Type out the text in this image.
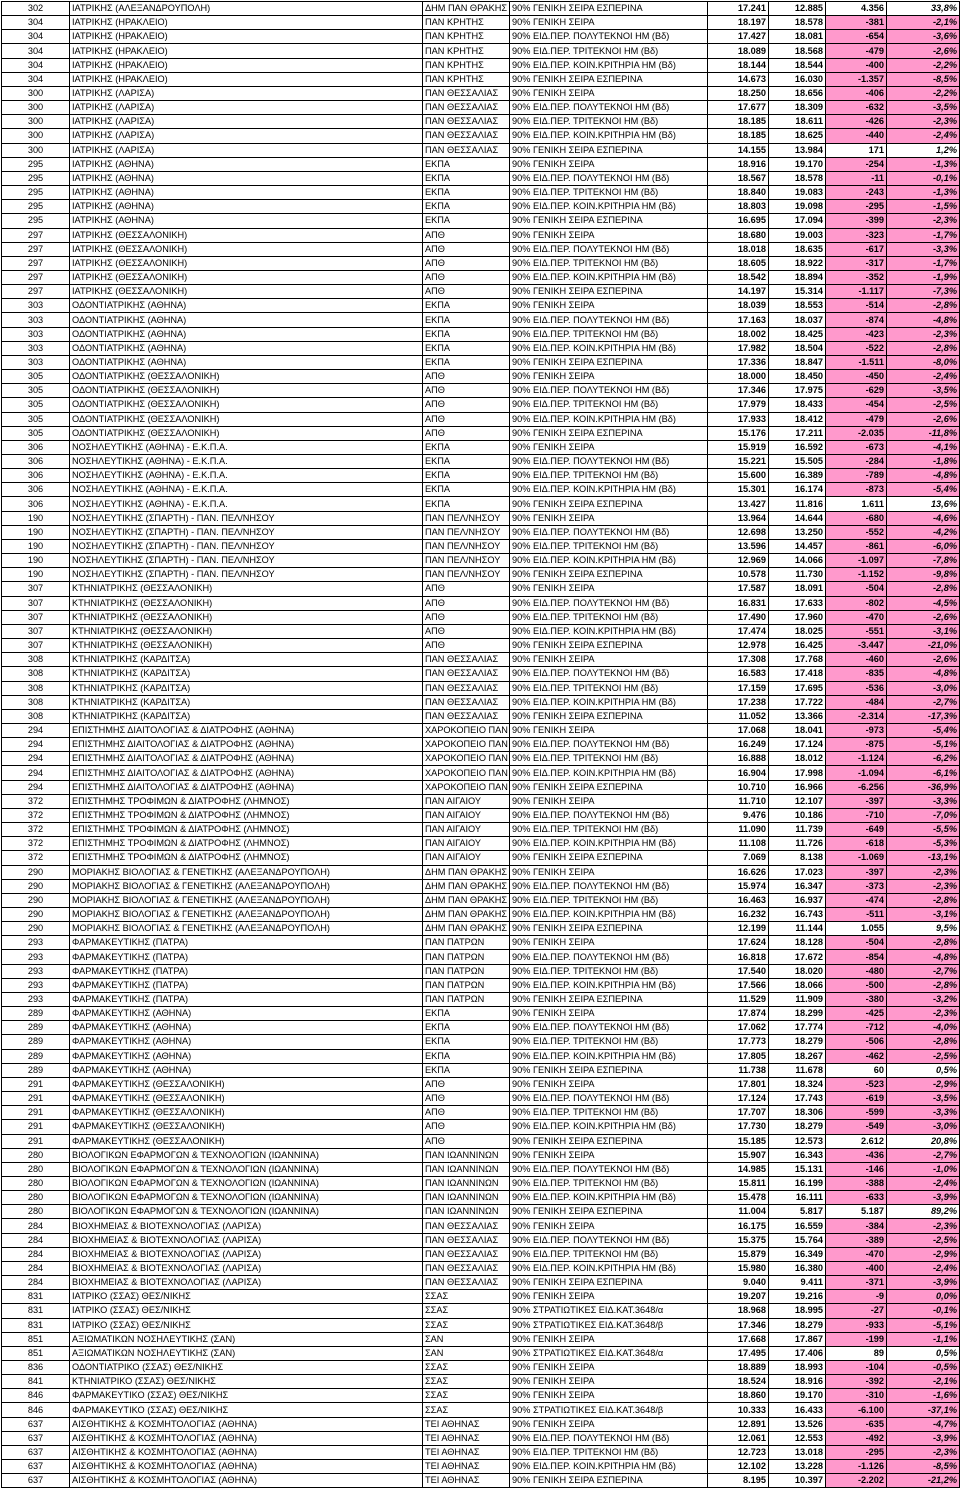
302	ΙΑΤΡΙΚΗΣ (ΑΛΕΞΑΝΔΡΟΥΠΟΛΗ)	ΔΗΜ ΠΑΝ ΘΡΑΚΗΣ	90% ΓΕΝΙΚΗ ΣΕΙΡΑ ΕΣΠΕΡΙΝΑ	17.241	12.885	4.356	33,8%
304	ΙΑΤΡΙΚΗΣ (ΗΡΑΚΛΕΙΟ)	ΠΑΝ ΚΡΗΤΗΣ	90% ΓΕΝΙΚΗ ΣΕΙΡΑ	18.197	18.578	-381	-2,1%
304	ΙΑΤΡΙΚΗΣ (ΗΡΑΚΛΕΙΟ)	ΠΑΝ ΚΡΗΤΗΣ	90% ΕΙΔ.ΠΕΡ. ΠΟΛΥΤΕΚΝΟΙ ΗΜ (Βδ)	17.427	18.081	-654	-3,6%
304	ΙΑΤΡΙΚΗΣ (ΗΡΑΚΛΕΙΟ)	ΠΑΝ ΚΡΗΤΗΣ	90% ΕΙΔ.ΠΕΡ. ΤΡΙΤΕΚΝΟΙ ΗΜ (Βδ)	18.089	18.568	-479	-2,6%
304	ΙΑΤΡΙΚΗΣ (ΗΡΑΚΛΕΙΟ)	ΠΑΝ ΚΡΗΤΗΣ	90% ΕΙΔ.ΠΕΡ. ΚΟΙΝ.ΚΡΙΤΗΡΙΑ ΗΜ (Βδ)	18.144	18.544	-400	-2,2%
304	ΙΑΤΡΙΚΗΣ (ΗΡΑΚΛΕΙΟ)	ΠΑΝ ΚΡΗΤΗΣ	90% ΓΕΝΙΚΗ ΣΕΙΡΑ ΕΣΠΕΡΙΝΑ	14.673	16.030	-1.357	-8,5%
300	ΙΑΤΡΙΚΗΣ (ΛΑΡΙΣΑ)	ΠΑΝ ΘΕΣΣΑΛΙΑΣ	90% ΓΕΝΙΚΗ ΣΕΙΡΑ	18.250	18.656	-406	-2,2%
300	ΙΑΤΡΙΚΗΣ (ΛΑΡΙΣΑ)	ΠΑΝ ΘΕΣΣΑΛΙΑΣ	90% ΕΙΔ.ΠΕΡ. ΠΟΛΥΤΕΚΝΟΙ ΗΜ (Βδ)	17.677	18.309	-632	-3,5%
300	ΙΑΤΡΙΚΗΣ (ΛΑΡΙΣΑ)	ΠΑΝ ΘΕΣΣΑΛΙΑΣ	90% ΕΙΔ.ΠΕΡ. ΤΡΙΤΕΚΝΟΙ ΗΜ (Βδ)	18.185	18.611	-426	-2,3%
300	ΙΑΤΡΙΚΗΣ (ΛΑΡΙΣΑ)	ΠΑΝ ΘΕΣΣΑΛΙΑΣ	90% ΕΙΔ.ΠΕΡ. ΚΟΙΝ.ΚΡΙΤΗΡΙΑ ΗΜ (Βδ)	18.185	18.625	-440	-2,4%
300	ΙΑΤΡΙΚΗΣ (ΛΑΡΙΣΑ)	ΠΑΝ ΘΕΣΣΑΛΙΑΣ	90% ΓΕΝΙΚΗ ΣΕΙΡΑ ΕΣΠΕΡΙΝΑ	14.155	13.984	171	1,2%
295	ΙΑΤΡΙΚΗΣ (ΑΘΗΝΑ)	ΕΚΠΑ	90% ΓΕΝΙΚΗ ΣΕΙΡΑ	18.916	19.170	-254	-1,3%
295	ΙΑΤΡΙΚΗΣ (ΑΘΗΝΑ)	ΕΚΠΑ	90% ΕΙΔ.ΠΕΡ. ΠΟΛΥΤΕΚΝΟΙ ΗΜ (Βδ)	18.567	18.578	-11	-0,1%
295	ΙΑΤΡΙΚΗΣ (ΑΘΗΝΑ)	ΕΚΠΑ	90% ΕΙΔ.ΠΕΡ. ΤΡΙΤΕΚΝΟΙ ΗΜ (Βδ)	18.840	19.083	-243	-1,3%
295	ΙΑΤΡΙΚΗΣ (ΑΘΗΝΑ)	ΕΚΠΑ	90% ΕΙΔ.ΠΕΡ. ΚΟΙΝ.ΚΡΙΤΗΡΙΑ ΗΜ (Βδ)	18.803	19.098	-295	-1,5%
295	ΙΑΤΡΙΚΗΣ (ΑΘΗΝΑ)	ΕΚΠΑ	90% ΓΕΝΙΚΗ ΣΕΙΡΑ ΕΣΠΕΡΙΝΑ	16.695	17.094	-399	-2,3%
297	ΙΑΤΡΙΚΗΣ (ΘΕΣΣΑΛΟΝΙΚΗ)	ΑΠΘ	90% ΓΕΝΙΚΗ ΣΕΙΡΑ	18.680	19.003	-323	-1,7%
297	ΙΑΤΡΙΚΗΣ (ΘΕΣΣΑΛΟΝΙΚΗ)	ΑΠΘ	90% ΕΙΔ.ΠΕΡ. ΠΟΛΥΤΕΚΝΟΙ ΗΜ (Βδ)	18.018	18.635	-617	-3,3%
297	ΙΑΤΡΙΚΗΣ (ΘΕΣΣΑΛΟΝΙΚΗ)	ΑΠΘ	90% ΕΙΔ.ΠΕΡ. ΤΡΙΤΕΚΝΟΙ ΗΜ (Βδ)	18.605	18.922	-317	-1,7%
297	ΙΑΤΡΙΚΗΣ (ΘΕΣΣΑΛΟΝΙΚΗ)	ΑΠΘ	90% ΕΙΔ.ΠΕΡ. ΚΟΙΝ.ΚΡΙΤΗΡΙΑ ΗΜ (Βδ)	18.542	18.894	-352	-1,9%
297	ΙΑΤΡΙΚΗΣ (ΘΕΣΣΑΛΟΝΙΚΗ)	ΑΠΘ	90% ΓΕΝΙΚΗ ΣΕΙΡΑ ΕΣΠΕΡΙΝΑ	14.197	15.314	-1.117	-7,3%
303	ΟΔΟΝΤΙΑΤΡΙΚΗΣ (ΑΘΗΝΑ)	ΕΚΠΑ	90% ΓΕΝΙΚΗ ΣΕΙΡΑ	18.039	18.553	-514	-2,8%
303	ΟΔΟΝΤΙΑΤΡΙΚΗΣ (ΑΘΗΝΑ)	ΕΚΠΑ	90% ΕΙΔ.ΠΕΡ. ΠΟΛΥΤΕΚΝΟΙ ΗΜ (Βδ)	17.163	18.037	-874	-4,8%
303	ΟΔΟΝΤΙΑΤΡΙΚΗΣ (ΑΘΗΝΑ)	ΕΚΠΑ	90% ΕΙΔ.ΠΕΡ. ΤΡΙΤΕΚΝΟΙ ΗΜ (Βδ)	18.002	18.425	-423	-2,3%
303	ΟΔΟΝΤΙΑΤΡΙΚΗΣ (ΑΘΗΝΑ)	ΕΚΠΑ	90% ΕΙΔ.ΠΕΡ. ΚΟΙΝ.ΚΡΙΤΗΡΙΑ ΗΜ (Βδ)	17.982	18.504	-522	-2,8%
303	ΟΔΟΝΤΙΑΤΡΙΚΗΣ (ΑΘΗΝΑ)	ΕΚΠΑ	90% ΓΕΝΙΚΗ ΣΕΙΡΑ ΕΣΠΕΡΙΝΑ	17.336	18.847	-1.511	-8,0%
305	ΟΔΟΝΤΙΑΤΡΙΚΗΣ (ΘΕΣΣΑΛΟΝΙΚΗ)	ΑΠΘ	90% ΓΕΝΙΚΗ ΣΕΙΡΑ	18.000	18.450	-450	-2,4%
305	ΟΔΟΝΤΙΑΤΡΙΚΗΣ (ΘΕΣΣΑΛΟΝΙΚΗ)	ΑΠΘ	90% ΕΙΔ.ΠΕΡ. ΠΟΛΥΤΕΚΝΟΙ ΗΜ (Βδ)	17.346	17.975	-629	-3,5%
305	ΟΔΟΝΤΙΑΤΡΙΚΗΣ (ΘΕΣΣΑΛΟΝΙΚΗ)	ΑΠΘ	90% ΕΙΔ.ΠΕΡ. ΤΡΙΤΕΚΝΟΙ ΗΜ (Βδ)	17.979	18.433	-454	-2,5%
305	ΟΔΟΝΤΙΑΤΡΙΚΗΣ (ΘΕΣΣΑΛΟΝΙΚΗ)	ΑΠΘ	90% ΕΙΔ.ΠΕΡ. ΚΟΙΝ.ΚΡΙΤΗΡΙΑ ΗΜ (Βδ)	17.933	18.412	-479	-2,6%
305	ΟΔΟΝΤΙΑΤΡΙΚΗΣ (ΘΕΣΣΑΛΟΝΙΚΗ)	ΑΠΘ	90% ΓΕΝΙΚΗ ΣΕΙΡΑ ΕΣΠΕΡΙΝΑ	15.176	17.211	-2.035	-11,8%
306	ΝΟΣΗΛΕΥΤΙΚΗΣ (ΑΘΗΝΑ) - Ε.Κ.Π.Α.	ΕΚΠΑ	90% ΓΕΝΙΚΗ ΣΕΙΡΑ	15.919	16.592	-673	-4,1%
306	ΝΟΣΗΛΕΥΤΙΚΗΣ (ΑΘΗΝΑ) - Ε.Κ.Π.Α.	ΕΚΠΑ	90% ΕΙΔ.ΠΕΡ. ΠΟΛΥΤΕΚΝΟΙ ΗΜ (Βδ)	15.221	15.505	-284	-1,8%
306	ΝΟΣΗΛΕΥΤΙΚΗΣ (ΑΘΗΝΑ) - Ε.Κ.Π.Α.	ΕΚΠΑ	90% ΕΙΔ.ΠΕΡ. ΤΡΙΤΕΚΝΟΙ ΗΜ (Βδ)	15.600	16.389	-789	-4,8%
306	ΝΟΣΗΛΕΥΤΙΚΗΣ (ΑΘΗΝΑ) - Ε.Κ.Π.Α.	ΕΚΠΑ	90% ΕΙΔ.ΠΕΡ. ΚΟΙΝ.ΚΡΙΤΗΡΙΑ ΗΜ (Βδ)	15.301	16.174	-873	-5,4%
306	ΝΟΣΗΛΕΥΤΙΚΗΣ (ΑΘΗΝΑ) - Ε.Κ.Π.Α.	ΕΚΠΑ	90% ΓΕΝΙΚΗ ΣΕΙΡΑ ΕΣΠΕΡΙΝΑ	13.427	11.816	1.611	13,6%
190	ΝΟΣΗΛΕΥΤΙΚΗΣ (ΣΠΑΡΤΗ) - ΠΑΝ. ΠΕΛ/ΝΗΣΟΥ	ΠΑΝ ΠΕΛ/ΝΗΣΟΥ	90% ΓΕΝΙΚΗ ΣΕΙΡΑ	13.964	14.644	-680	-4,6%
190	ΝΟΣΗΛΕΥΤΙΚΗΣ (ΣΠΑΡΤΗ) - ΠΑΝ. ΠΕΛ/ΝΗΣΟΥ	ΠΑΝ ΠΕΛ/ΝΗΣΟΥ	90% ΕΙΔ.ΠΕΡ. ΠΟΛΥΤΕΚΝΟΙ ΗΜ (Βδ)	12.698	13.250	-552	-4,2%
190	ΝΟΣΗΛΕΥΤΙΚΗΣ (ΣΠΑΡΤΗ) - ΠΑΝ. ΠΕΛ/ΝΗΣΟΥ	ΠΑΝ ΠΕΛ/ΝΗΣΟΥ	90% ΕΙΔ.ΠΕΡ. ΤΡΙΤΕΚΝΟΙ ΗΜ (Βδ)	13.596	14.457	-861	-6,0%
190	ΝΟΣΗΛΕΥΤΙΚΗΣ (ΣΠΑΡΤΗ) - ΠΑΝ. ΠΕΛ/ΝΗΣΟΥ	ΠΑΝ ΠΕΛ/ΝΗΣΟΥ	90% ΕΙΔ.ΠΕΡ. ΚΟΙΝ.ΚΡΙΤΗΡΙΑ ΗΜ (Βδ)	12.969	14.066	-1.097	-7,8%
190	ΝΟΣΗΛΕΥΤΙΚΗΣ (ΣΠΑΡΤΗ) - ΠΑΝ. ΠΕΛ/ΝΗΣΟΥ	ΠΑΝ ΠΕΛ/ΝΗΣΟΥ	90% ΓΕΝΙΚΗ ΣΕΙΡΑ ΕΣΠΕΡΙΝΑ	10.578	11.730	-1.152	-9,8%
307	ΚΤΗΝΙΑΤΡΙΚΗΣ (ΘΕΣΣΑΛΟΝΙΚΗ)	ΑΠΘ	90% ΓΕΝΙΚΗ ΣΕΙΡΑ	17.587	18.091	-504	-2,8%
307	ΚΤΗΝΙΑΤΡΙΚΗΣ (ΘΕΣΣΑΛΟΝΙΚΗ)	ΑΠΘ	90% ΕΙΔ.ΠΕΡ. ΠΟΛΥΤΕΚΝΟΙ ΗΜ (Βδ)	16.831	17.633	-802	-4,5%
307	ΚΤΗΝΙΑΤΡΙΚΗΣ (ΘΕΣΣΑΛΟΝΙΚΗ)	ΑΠΘ	90% ΕΙΔ.ΠΕΡ. ΤΡΙΤΕΚΝΟΙ ΗΜ (Βδ)	17.490	17.960	-470	-2,6%
307	ΚΤΗΝΙΑΤΡΙΚΗΣ (ΘΕΣΣΑΛΟΝΙΚΗ)	ΑΠΘ	90% ΕΙΔ.ΠΕΡ. ΚΟΙΝ.ΚΡΙΤΗΡΙΑ ΗΜ (Βδ)	17.474	18.025	-551	-3,1%
307	ΚΤΗΝΙΑΤΡΙΚΗΣ (ΘΕΣΣΑΛΟΝΙΚΗ)	ΑΠΘ	90% ΓΕΝΙΚΗ ΣΕΙΡΑ ΕΣΠΕΡΙΝΑ	12.978	16.425	-3.447	-21,0%
308	ΚΤΗΝΙΑΤΡΙΚΗΣ (ΚΑΡΔΙΤΣΑ)	ΠΑΝ ΘΕΣΣΑΛΙΑΣ	90% ΓΕΝΙΚΗ ΣΕΙΡΑ	17.308	17.768	-460	-2,6%
308	ΚΤΗΝΙΑΤΡΙΚΗΣ (ΚΑΡΔΙΤΣΑ)	ΠΑΝ ΘΕΣΣΑΛΙΑΣ	90% ΕΙΔ.ΠΕΡ. ΠΟΛΥΤΕΚΝΟΙ ΗΜ (Βδ)	16.583	17.418	-835	-4,8%
308	ΚΤΗΝΙΑΤΡΙΚΗΣ (ΚΑΡΔΙΤΣΑ)	ΠΑΝ ΘΕΣΣΑΛΙΑΣ	90% ΕΙΔ.ΠΕΡ. ΤΡΙΤΕΚΝΟΙ ΗΜ (Βδ)	17.159	17.695	-536	-3,0%
308	ΚΤΗΝΙΑΤΡΙΚΗΣ (ΚΑΡΔΙΤΣΑ)	ΠΑΝ ΘΕΣΣΑΛΙΑΣ	90% ΕΙΔ.ΠΕΡ. ΚΟΙΝ.ΚΡΙΤΗΡΙΑ ΗΜ (Βδ)	17.238	17.722	-484	-2,7%
308	ΚΤΗΝΙΑΤΡΙΚΗΣ (ΚΑΡΔΙΤΣΑ)	ΠΑΝ ΘΕΣΣΑΛΙΑΣ	90% ΓΕΝΙΚΗ ΣΕΙΡΑ ΕΣΠΕΡΙΝΑ	11.052	13.366	-2.314	-17,3%
294	ΕΠΙΣΤΗΜΗΣ ΔΙΑΙΤΟΛΟΓΙΑΣ & ΔΙΑΤΡΟΦΗΣ (ΑΘΗΝΑ)	ΧΑΡΟΚΟΠΕΙΟ ΠΑΝ	90% ΓΕΝΙΚΗ ΣΕΙΡΑ	17.068	18.041	-973	-5,4%
294	ΕΠΙΣΤΗΜΗΣ ΔΙΑΙΤΟΛΟΓΙΑΣ & ΔΙΑΤΡΟΦΗΣ (ΑΘΗΝΑ)	ΧΑΡΟΚΟΠΕΙΟ ΠΑΝ	90% ΕΙΔ.ΠΕΡ. ΠΟΛΥΤΕΚΝΟΙ ΗΜ (Βδ)	16.249	17.124	-875	-5,1%
294	ΕΠΙΣΤΗΜΗΣ ΔΙΑΙΤΟΛΟΓΙΑΣ & ΔΙΑΤΡΟΦΗΣ (ΑΘΗΝΑ)	ΧΑΡΟΚΟΠΕΙΟ ΠΑΝ	90% ΕΙΔ.ΠΕΡ. ΤΡΙΤΕΚΝΟΙ ΗΜ (Βδ)	16.888	18.012	-1.124	-6,2%
294	ΕΠΙΣΤΗΜΗΣ ΔΙΑΙΤΟΛΟΓΙΑΣ & ΔΙΑΤΡΟΦΗΣ (ΑΘΗΝΑ)	ΧΑΡΟΚΟΠΕΙΟ ΠΑΝ	90% ΕΙΔ.ΠΕΡ. ΚΟΙΝ.ΚΡΙΤΗΡΙΑ ΗΜ (Βδ)	16.904	17.998	-1.094	-6,1%
294	ΕΠΙΣΤΗΜΗΣ ΔΙΑΙΤΟΛΟΓΙΑΣ & ΔΙΑΤΡΟΦΗΣ (ΑΘΗΝΑ)	ΧΑΡΟΚΟΠΕΙΟ ΠΑΝ	90% ΓΕΝΙΚΗ ΣΕΙΡΑ ΕΣΠΕΡΙΝΑ	10.710	16.966	-6.256	-36,9%
372	ΕΠΙΣΤΗΜΗΣ ΤΡΟΦΙΜΩΝ & ΔΙΑΤΡΟΦΗΣ (ΛΗΜΝΟΣ)	ΠΑΝ ΑΙΓΑΙΟΥ	90% ΓΕΝΙΚΗ ΣΕΙΡΑ	11.710	12.107	-397	-3,3%
372	ΕΠΙΣΤΗΜΗΣ ΤΡΟΦΙΜΩΝ & ΔΙΑΤΡΟΦΗΣ (ΛΗΜΝΟΣ)	ΠΑΝ ΑΙΓΑΙΟΥ	90% ΕΙΔ.ΠΕΡ. ΠΟΛΥΤΕΚΝΟΙ ΗΜ (Βδ)	9.476	10.186	-710	-7,0%
372	ΕΠΙΣΤΗΜΗΣ ΤΡΟΦΙΜΩΝ & ΔΙΑΤΡΟΦΗΣ (ΛΗΜΝΟΣ)	ΠΑΝ ΑΙΓΑΙΟΥ	90% ΕΙΔ.ΠΕΡ. ΤΡΙΤΕΚΝΟΙ ΗΜ (Βδ)	11.090	11.739	-649	-5,5%
372	ΕΠΙΣΤΗΜΗΣ ΤΡΟΦΙΜΩΝ & ΔΙΑΤΡΟΦΗΣ (ΛΗΜΝΟΣ)	ΠΑΝ ΑΙΓΑΙΟΥ	90% ΕΙΔ.ΠΕΡ. ΚΟΙΝ.ΚΡΙΤΗΡΙΑ ΗΜ (Βδ)	11.108	11.726	-618	-5,3%
372	ΕΠΙΣΤΗΜΗΣ ΤΡΟΦΙΜΩΝ & ΔΙΑΤΡΟΦΗΣ (ΛΗΜΝΟΣ)	ΠΑΝ ΑΙΓΑΙΟΥ	90% ΓΕΝΙΚΗ ΣΕΙΡΑ ΕΣΠΕΡΙΝΑ	7.069	8.138	-1.069	-13,1%
290	ΜΟΡΙΑΚΗΣ ΒΙΟΛΟΓΙΑΣ & ΓΕΝΕΤΙΚΗΣ (ΑΛΕΞΑΝΔΡΟΥΠΟΛΗ)	ΔΗΜ ΠΑΝ ΘΡΑΚΗΣ	90% ΓΕΝΙΚΗ ΣΕΙΡΑ	16.626	17.023	-397	-2,3%
290	ΜΟΡΙΑΚΗΣ ΒΙΟΛΟΓΙΑΣ & ΓΕΝΕΤΙΚΗΣ (ΑΛΕΞΑΝΔΡΟΥΠΟΛΗ)	ΔΗΜ ΠΑΝ ΘΡΑΚΗΣ	90% ΕΙΔ.ΠΕΡ. ΠΟΛΥΤΕΚΝΟΙ ΗΜ (Βδ)	15.974	16.347	-373	-2,3%
290	ΜΟΡΙΑΚΗΣ ΒΙΟΛΟΓΙΑΣ & ΓΕΝΕΤΙΚΗΣ (ΑΛΕΞΑΝΔΡΟΥΠΟΛΗ)	ΔΗΜ ΠΑΝ ΘΡΑΚΗΣ	90% ΕΙΔ.ΠΕΡ. ΤΡΙΤΕΚΝΟΙ ΗΜ (Βδ)	16.463	16.937	-474	-2,8%
290	ΜΟΡΙΑΚΗΣ ΒΙΟΛΟΓΙΑΣ & ΓΕΝΕΤΙΚΗΣ (ΑΛΕΞΑΝΔΡΟΥΠΟΛΗ)	ΔΗΜ ΠΑΝ ΘΡΑΚΗΣ	90% ΕΙΔ.ΠΕΡ. ΚΟΙΝ.ΚΡΙΤΗΡΙΑ ΗΜ (Βδ)	16.232	16.743	-511	-3,1%
290	ΜΟΡΙΑΚΗΣ ΒΙΟΛΟΓΙΑΣ & ΓΕΝΕΤΙΚΗΣ (ΑΛΕΞΑΝΔΡΟΥΠΟΛΗ)	ΔΗΜ ΠΑΝ ΘΡΑΚΗΣ	90% ΓΕΝΙΚΗ ΣΕΙΡΑ ΕΣΠΕΡΙΝΑ	12.199	11.144	1.055	9,5%
293	ΦΑΡΜΑΚΕΥΤΙΚΗΣ (ΠΑΤΡΑ)	ΠΑΝ ΠΑΤΡΩΝ	90% ΓΕΝΙΚΗ ΣΕΙΡΑ	17.624	18.128	-504	-2,8%
293	ΦΑΡΜΑΚΕΥΤΙΚΗΣ (ΠΑΤΡΑ)	ΠΑΝ ΠΑΤΡΩΝ	90% ΕΙΔ.ΠΕΡ. ΠΟΛΥΤΕΚΝΟΙ ΗΜ (Βδ)	16.818	17.672	-854	-4,8%
293	ΦΑΡΜΑΚΕΥΤΙΚΗΣ (ΠΑΤΡΑ)	ΠΑΝ ΠΑΤΡΩΝ	90% ΕΙΔ.ΠΕΡ. ΤΡΙΤΕΚΝΟΙ ΗΜ (Βδ)	17.540	18.020	-480	-2,7%
293	ΦΑΡΜΑΚΕΥΤΙΚΗΣ (ΠΑΤΡΑ)	ΠΑΝ ΠΑΤΡΩΝ	90% ΕΙΔ.ΠΕΡ. ΚΟΙΝ.ΚΡΙΤΗΡΙΑ ΗΜ (Βδ)	17.566	18.066	-500	-2,8%
293	ΦΑΡΜΑΚΕΥΤΙΚΗΣ (ΠΑΤΡΑ)	ΠΑΝ ΠΑΤΡΩΝ	90% ΓΕΝΙΚΗ ΣΕΙΡΑ ΕΣΠΕΡΙΝΑ	11.529	11.909	-380	-3,2%
289	ΦΑΡΜΑΚΕΥΤΙΚΗΣ (ΑΘΗΝΑ)	ΕΚΠΑ	90% ΓΕΝΙΚΗ ΣΕΙΡΑ	17.874	18.299	-425	-2,3%
289	ΦΑΡΜΑΚΕΥΤΙΚΗΣ (ΑΘΗΝΑ)	ΕΚΠΑ	90% ΕΙΔ.ΠΕΡ. ΠΟΛΥΤΕΚΝΟΙ ΗΜ (Βδ)	17.062	17.774	-712	-4,0%
289	ΦΑΡΜΑΚΕΥΤΙΚΗΣ (ΑΘΗΝΑ)	ΕΚΠΑ	90% ΕΙΔ.ΠΕΡ. ΤΡΙΤΕΚΝΟΙ ΗΜ (Βδ)	17.773	18.279	-506	-2,8%
289	ΦΑΡΜΑΚΕΥΤΙΚΗΣ (ΑΘΗΝΑ)	ΕΚΠΑ	90% ΕΙΔ.ΠΕΡ. ΚΟΙΝ.ΚΡΙΤΗΡΙΑ ΗΜ (Βδ)	17.805	18.267	-462	-2,5%
289	ΦΑΡΜΑΚΕΥΤΙΚΗΣ (ΑΘΗΝΑ)	ΕΚΠΑ	90% ΓΕΝΙΚΗ ΣΕΙΡΑ ΕΣΠΕΡΙΝΑ	11.738	11.678	60	0,5%
291	ΦΑΡΜΑΚΕΥΤΙΚΗΣ (ΘΕΣΣΑΛΟΝΙΚΗ)	ΑΠΘ	90% ΓΕΝΙΚΗ ΣΕΙΡΑ	17.801	18.324	-523	-2,9%
291	ΦΑΡΜΑΚΕΥΤΙΚΗΣ (ΘΕΣΣΑΛΟΝΙΚΗ)	ΑΠΘ	90% ΕΙΔ.ΠΕΡ. ΠΟΛΥΤΕΚΝΟΙ ΗΜ (Βδ)	17.124	17.743	-619	-3,5%
291	ΦΑΡΜΑΚΕΥΤΙΚΗΣ (ΘΕΣΣΑΛΟΝΙΚΗ)	ΑΠΘ	90% ΕΙΔ.ΠΕΡ. ΤΡΙΤΕΚΝΟΙ ΗΜ (Βδ)	17.707	18.306	-599	-3,3%
291	ΦΑΡΜΑΚΕΥΤΙΚΗΣ (ΘΕΣΣΑΛΟΝΙΚΗ)	ΑΠΘ	90% ΕΙΔ.ΠΕΡ. ΚΟΙΝ.ΚΡΙΤΗΡΙΑ ΗΜ (Βδ)	17.730	18.279	-549	-3,0%
291	ΦΑΡΜΑΚΕΥΤΙΚΗΣ (ΘΕΣΣΑΛΟΝΙΚΗ)	ΑΠΘ	90% ΓΕΝΙΚΗ ΣΕΙΡΑ ΕΣΠΕΡΙΝΑ	15.185	12.573	2.612	20,8%
280	ΒΙΟΛΟΓΙΚΩΝ ΕΦΑΡΜΟΓΩΝ & ΤΕΧΝΟΛΟΓΙΩΝ (ΙΩΑΝΝΙΝΑ)	ΠΑΝ ΙΩΑΝΝΙΝΩΝ	90% ΓΕΝΙΚΗ ΣΕΙΡΑ	15.907	16.343	-436	-2,7%
280	ΒΙΟΛΟΓΙΚΩΝ ΕΦΑΡΜΟΓΩΝ & ΤΕΧΝΟΛΟΓΙΩΝ (ΙΩΑΝΝΙΝΑ)	ΠΑΝ ΙΩΑΝΝΙΝΩΝ	90% ΕΙΔ.ΠΕΡ. ΠΟΛΥΤΕΚΝΟΙ ΗΜ (Βδ)	14.985	15.131	-146	-1,0%
280	ΒΙΟΛΟΓΙΚΩΝ ΕΦΑΡΜΟΓΩΝ & ΤΕΧΝΟΛΟΓΙΩΝ (ΙΩΑΝΝΙΝΑ)	ΠΑΝ ΙΩΑΝΝΙΝΩΝ	90% ΕΙΔ.ΠΕΡ. ΤΡΙΤΕΚΝΟΙ ΗΜ (Βδ)	15.811	16.199	-388	-2,4%
280	ΒΙΟΛΟΓΙΚΩΝ ΕΦΑΡΜΟΓΩΝ & ΤΕΧΝΟΛΟΓΙΩΝ (ΙΩΑΝΝΙΝΑ)	ΠΑΝ ΙΩΑΝΝΙΝΩΝ	90% ΕΙΔ.ΠΕΡ. ΚΟΙΝ.ΚΡΙΤΗΡΙΑ ΗΜ (Βδ)	15.478	16.111	-633	-3,9%
280	ΒΙΟΛΟΓΙΚΩΝ ΕΦΑΡΜΟΓΩΝ & ΤΕΧΝΟΛΟΓΙΩΝ (ΙΩΑΝΝΙΝΑ)	ΠΑΝ ΙΩΑΝΝΙΝΩΝ	90% ΓΕΝΙΚΗ ΣΕΙΡΑ ΕΣΠΕΡΙΝΑ	11.004	5.817	5.187	89,2%
284	ΒΙΟΧΗΜΕΙΑΣ & ΒΙΟΤΕΧΝΟΛΟΓΙΑΣ (ΛΑΡΙΣΑ)	ΠΑΝ ΘΕΣΣΑΛΙΑΣ	90% ΓΕΝΙΚΗ ΣΕΙΡΑ	16.175	16.559	-384	-2,3%
284	ΒΙΟΧΗΜΕΙΑΣ & ΒΙΟΤΕΧΝΟΛΟΓΙΑΣ (ΛΑΡΙΣΑ)	ΠΑΝ ΘΕΣΣΑΛΙΑΣ	90% ΕΙΔ.ΠΕΡ. ΠΟΛΥΤΕΚΝΟΙ ΗΜ (Βδ)	15.375	15.764	-389	-2,5%
284	ΒΙΟΧΗΜΕΙΑΣ & ΒΙΟΤΕΧΝΟΛΟΓΙΑΣ (ΛΑΡΙΣΑ)	ΠΑΝ ΘΕΣΣΑΛΙΑΣ	90% ΕΙΔ.ΠΕΡ. ΤΡΙΤΕΚΝΟΙ ΗΜ (Βδ)	15.879	16.349	-470	-2,9%
284	ΒΙΟΧΗΜΕΙΑΣ & ΒΙΟΤΕΧΝΟΛΟΓΙΑΣ (ΛΑΡΙΣΑ)	ΠΑΝ ΘΕΣΣΑΛΙΑΣ	90% ΕΙΔ.ΠΕΡ. ΚΟΙΝ.ΚΡΙΤΗΡΙΑ ΗΜ (Βδ)	15.980	16.380	-400	-2,4%
284	ΒΙΟΧΗΜΕΙΑΣ & ΒΙΟΤΕΧΝΟΛΟΓΙΑΣ (ΛΑΡΙΣΑ)	ΠΑΝ ΘΕΣΣΑΛΙΑΣ	90% ΓΕΝΙΚΗ ΣΕΙΡΑ ΕΣΠΕΡΙΝΑ	9.040	9.411	-371	-3,9%
831	ΙΑΤΡΙΚΟ (ΣΣΑΣ) ΘΕΣ/ΝΙΚΗΣ	ΣΣΑΣ	90% ΓΕΝΙΚΗ ΣΕΙΡΑ	19.207	19.216	-9	0,0%
831	ΙΑΤΡΙΚΟ (ΣΣΑΣ) ΘΕΣ/ΝΙΚΗΣ	ΣΣΑΣ	90% ΣΤΡΑΤΙΩΤΙΚΕΣ ΕΙΔ.ΚΑΤ.3648/α	18.968	18.995	-27	-0,1%
831	ΙΑΤΡΙΚΟ (ΣΣΑΣ) ΘΕΣ/ΝΙΚΗΣ	ΣΣΑΣ	90% ΣΤΡΑΤΙΩΤΙΚΕΣ ΕΙΔ.ΚΑΤ.3648/β	17.346	18.279	-933	-5,1%
851	ΑΞΙΩΜΑΤΙΚΩΝ ΝΟΣΗΛΕΥΤΙΚΗΣ (ΣΑΝ)	ΣΑΝ	90% ΓΕΝΙΚΗ ΣΕΙΡΑ	17.668	17.867	-199	-1,1%
851	ΑΞΙΩΜΑΤΙΚΩΝ ΝΟΣΗΛΕΥΤΙΚΗΣ (ΣΑΝ)	ΣΑΝ	90% ΣΤΡΑΤΙΩΤΙΚΕΣ ΕΙΔ.ΚΑΤ.3648/α	17.495	17.406	89	0,5%
836	ΟΔΟΝΤΙΑΤΡΙΚΟ (ΣΣΑΣ) ΘΕΣ/ΝΙΚΗΣ	ΣΣΑΣ	90% ΓΕΝΙΚΗ ΣΕΙΡΑ	18.889	18.993	-104	-0,5%
841	ΚΤΗΝΙΑΤΡΙΚΟ (ΣΣΑΣ) ΘΕΣ/ΝΙΚΗΣ	ΣΣΑΣ	90% ΓΕΝΙΚΗ ΣΕΙΡΑ	18.524	18.916	-392	-2,1%
846	ΦΑΡΜΑΚΕΥΤΙΚΟ (ΣΣΑΣ) ΘΕΣ/ΝΙΚΗΣ	ΣΣΑΣ	90% ΓΕΝΙΚΗ ΣΕΙΡΑ	18.860	19.170	-310	-1,6%
846	ΦΑΡΜΑΚΕΥΤΙΚΟ (ΣΣΑΣ) ΘΕΣ/ΝΙΚΗΣ	ΣΣΑΣ	90% ΣΤΡΑΤΙΩΤΙΚΕΣ ΕΙΔ.ΚΑΤ.3648/β	10.333	16.433	-6.100	-37,1%
637	ΑΙΣΘΗΤΙΚΗΣ & ΚΟΣΜΗΤΟΛΟΓΙΑΣ (ΑΘΗΝΑ)	ΤΕΙ ΑΘΗΝΑΣ	90% ΓΕΝΙΚΗ ΣΕΙΡΑ	12.891	13.526	-635	-4,7%
637	ΑΙΣΘΗΤΙΚΗΣ & ΚΟΣΜΗΤΟΛΟΓΙΑΣ (ΑΘΗΝΑ)	ΤΕΙ ΑΘΗΝΑΣ	90% ΕΙΔ.ΠΕΡ. ΠΟΛΥΤΕΚΝΟΙ ΗΜ (Βδ)	12.061	12.553	-492	-3,9%
637	ΑΙΣΘΗΤΙΚΗΣ & ΚΟΣΜΗΤΟΛΟΓΙΑΣ (ΑΘΗΝΑ)	ΤΕΙ ΑΘΗΝΑΣ	90% ΕΙΔ.ΠΕΡ. ΤΡΙΤΕΚΝΟΙ ΗΜ (Βδ)	12.723	13.018	-295	-2,3%
637	ΑΙΣΘΗΤΙΚΗΣ & ΚΟΣΜΗΤΟΛΟΓΙΑΣ (ΑΘΗΝΑ)	ΤΕΙ ΑΘΗΝΑΣ	90% ΕΙΔ.ΠΕΡ. ΚΟΙΝ.ΚΡΙΤΗΡΙΑ ΗΜ (Βδ)	12.102	13.228	-1.126	-8,5%
637	ΑΙΣΘΗΤΙΚΗΣ & ΚΟΣΜΗΤΟΛΟΓΙΑΣ (ΑΘΗΝΑ)	ΤΕΙ ΑΘΗΝΑΣ	90% ΓΕΝΙΚΗ ΣΕΙΡΑ ΕΣΠΕΡΙΝΑ	8.195	10.397	-2.202	-21,2%
